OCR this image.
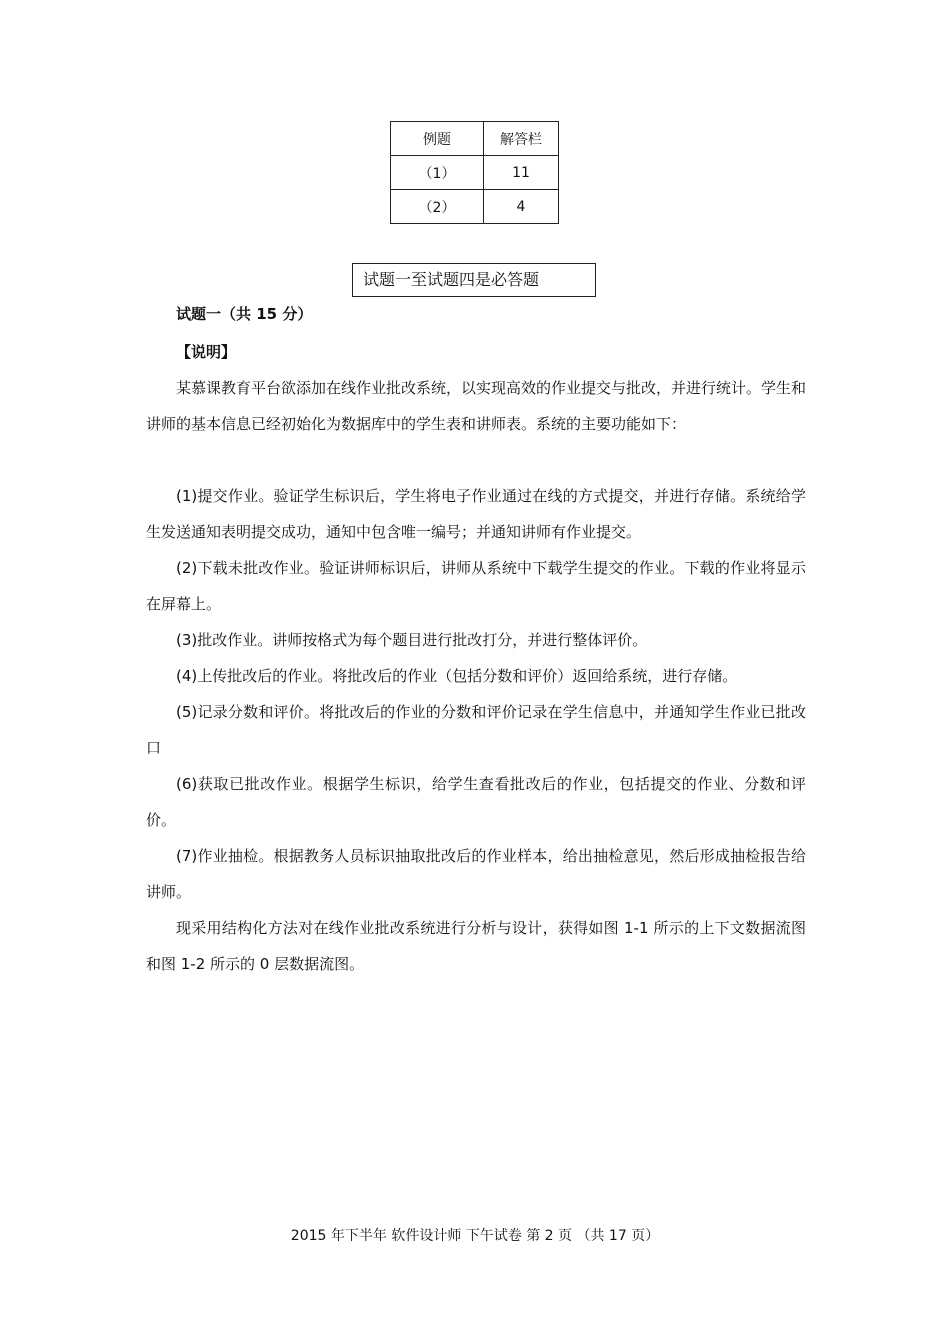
例题	解答栏
（1）	11
（2）	4
试题一至试题四是必答题
试题一（共 15 分）
【说明】

某慕课教育平台欲添加在线作业批改系统，以实现高效的作业提交与批改，并进行统计。学生和讲师的基本信息已经初始化为数据库中的学生表和讲师表。系统的主要功能如下：

(1)提交作业。验证学生标识后，学生将电子作业通过在线的方式提交，并进行存储。系统给学生发送通知表明提交成功，通知中包含唯一编号；并通知讲师有作业提交。

(2)下载未批改作业。验证讲师标识后，讲师从系统中下载学生提交的作业。下载的作业将显示在屏幕上。

(3)批改作业。讲师按格式为每个题目进行批改打分，并进行整体评价。

(4)上传批改后的作业。将批改后的作业（包括分数和评价）返回给系统，进行存储。

(5)记录分数和评价。将批改后的作业的分数和评价记录在学生信息中，并通知学生作业已批改口

(6)获取已批改作业。根据学生标识，给学生查看批改后的作业，包括提交的作业、分数和评价。

(7)作业抽检。根据教务人员标识抽取批改后的作业样本，给出抽检意见，然后形成抽检报告给讲师。

现采用结构化方法对在线作业批改系统进行分析与设计，获得如图 1-1 所示的上下文数据流图和图 1-2 所示的 0 层数据流图。

2015 年下半年 软件设计师 下午试卷 第 2 页 （共 17 页）
